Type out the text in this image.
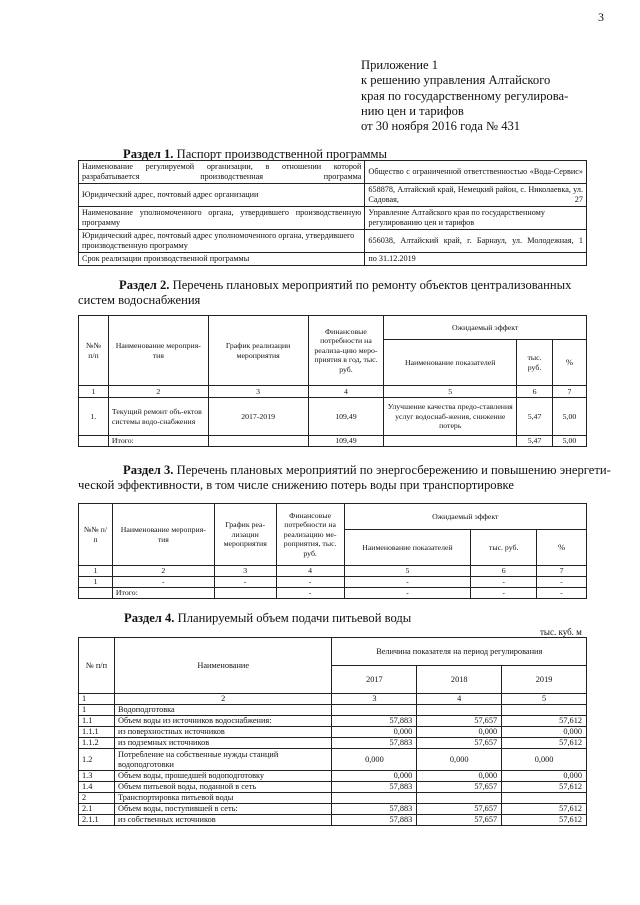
3
Приложение 1
к решению управления Алтайского
края по государственному регулирова-
нию цен и тарифов
от 30 ноября 2016 года № 431
Раздел 1. Паспорт производственной программы
Наименование регулируемой организации, в отношении которой разрабатывается производственная программа	Общество с ограниченной ответственностью «Вода-Сервис»
Юридический адрес, почтовый адрес организации	658878, Алтайский край, Немецкий район, с. Николаевка, ул. Садовая, 27
Наименование уполномоченного органа, утвердившего производственную программу	Управление Алтайского края по государственному регулированию цен и тарифов
Юридический адрес, почтовый адрес уполномоченного органа, утвердившего производственную программу	656038, Алтайский край, г. Барнаул, ул. Молодежная, 1
Срок реализации производственной программы	по 31.12.2019
Раздел 2. Перечень плановых мероприятий по ремонту объектов централизованных
систем водоснабжения
№№ п/п	Наименование мероприя-тия	График реализации мероприятия	Финансовые потребности на реализа-цию меро-приятия в год, тыс. руб.	Ожидаемый эффект		
				Наименование показателей	тыс. руб.	%
1	2	3	4	5	6	7
1.	Текущий ремонт объ-ектов системы водо-снабжения	2017-2019	109,49	Улучшение качества предо-ставления услуг водоснаб-жения, снижение потерь	5,47	5,00
	Итого:		109,49		5,47	5,00
Раздел 3. Перечень плановых мероприятий по энергосбережению и повышению энергети-
ческой эффективности, в том числе снижению потерь воды при транспортировке
№№ п/п	Наименование мероприя-тия	График реа-лизации мероприятия	Финансовые потребности на реализацию ме-роприятия, тыс. руб.	Ожидаемый эффект		
				Наименование показателей	тыс. руб.	%
1	2	3	4	5	6	7
1	-	-	-	-	-	-
	Итого:		-	-	-	-
Раздел 4. Планируемый объем подачи питьевой воды
тыс. куб. м
№ п/п	Наименование	Величина показателя на период регулирования		
		2017	2018	2019
1	2	3	4	5
1	Водоподготовка			
1.1	Объем воды из источников водоснабжения:	57,883	57,657	57,612
1.1.1	из поверхностных источников	0,000	0,000	0,000
1.1.2	из подземных источников	57,883	57,657	57,612
1.2	Потребление на собственные нужды станций водоподготовки	0,000	0,000	0,000
1.3	Объем воды, прошедшей водоподготовку	0,000	0,000	0,000
1.4	Объем питьевой воды, поданной в сеть	57,883	57,657	57,612
2	Транспортировка питьевой воды			
2.1	Объем воды, поступившей в сеть:	57,883	57,657	57,612
2.1.1	из собственных источников	57,883	57,657	57,612
